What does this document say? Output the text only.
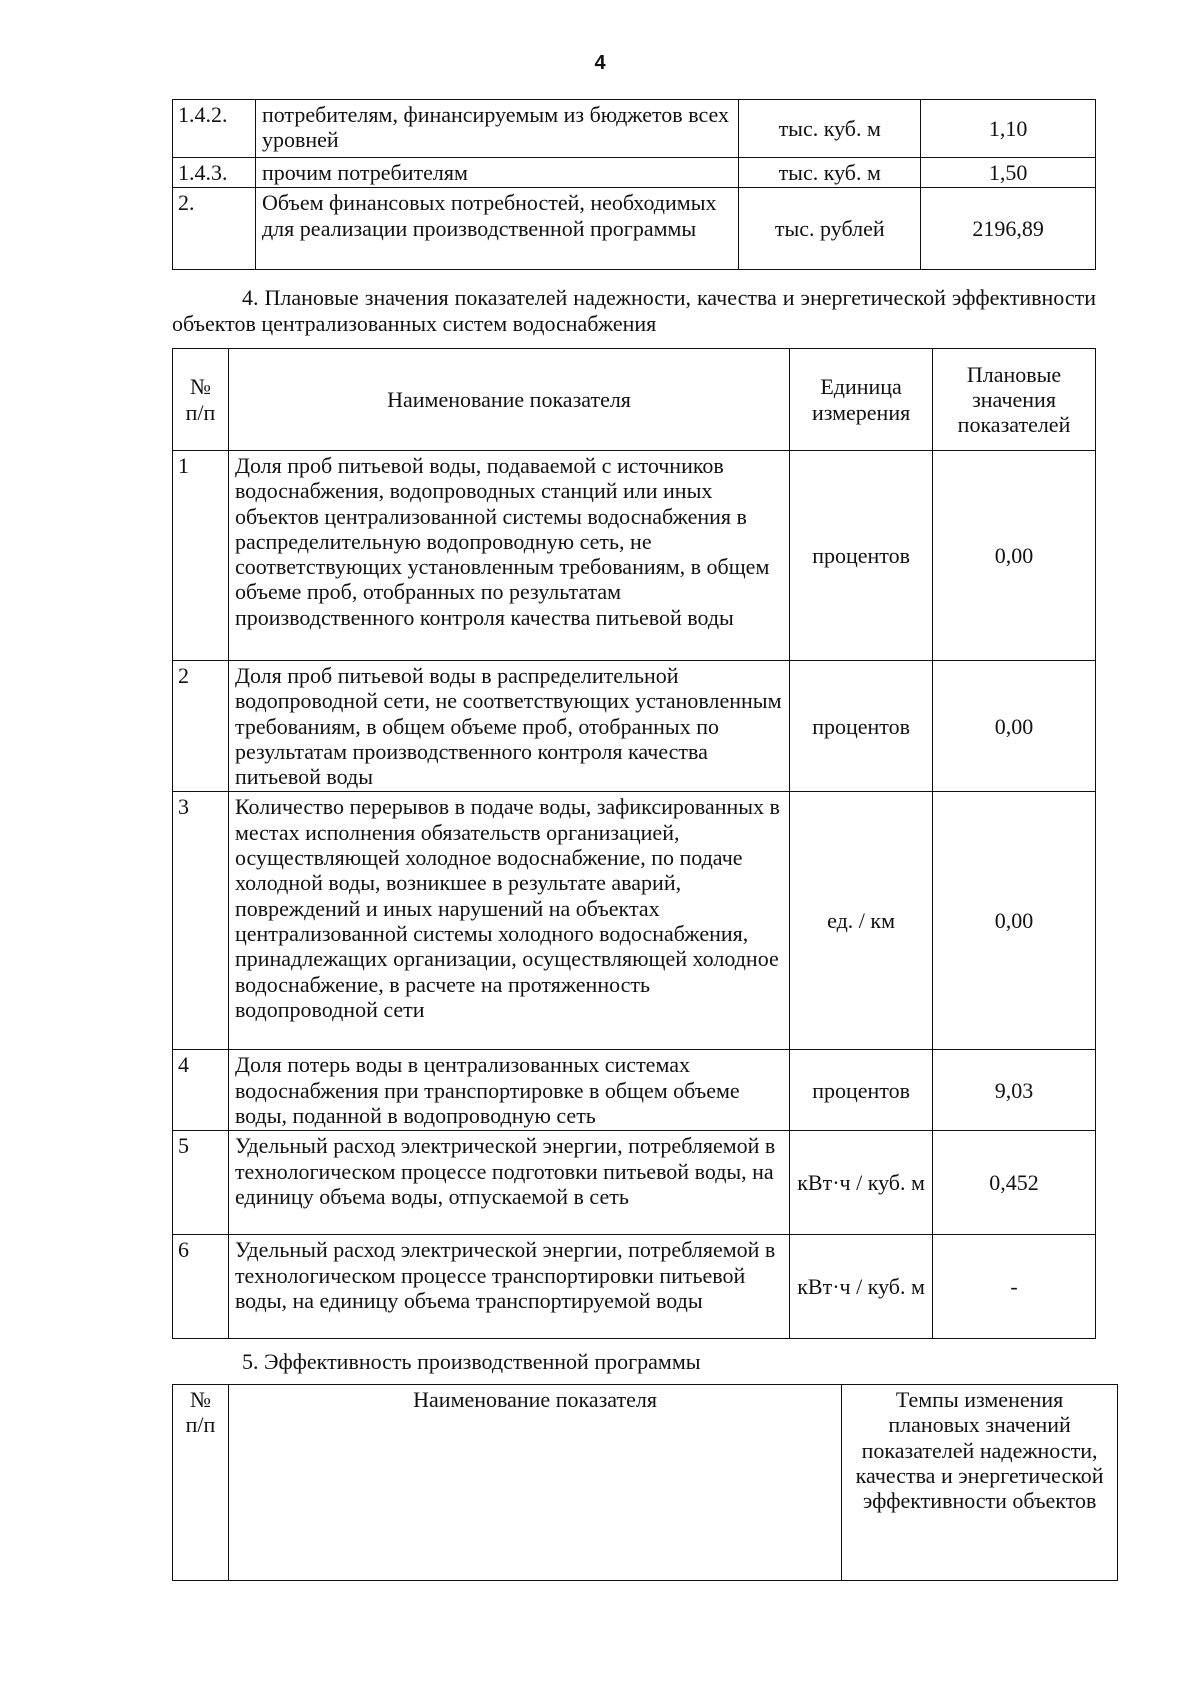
4
1.4.2.	потребителям, финансируемым из бюджетов всех уровней	тыс. куб. м	1,10
1.4.3.	прочим потребителям	тыс. куб. м	1,50
2.	Объем финансовых потребностей, необходимых для реализации производственной программы	тыс. рублей	2196,89
4. Плановые значения показателей надежности, качества и энергетической эффективности объектов централизованных систем водоснабжения
№ п/п	Наименование показателя	Единица измерения	Плановые значения показателей
1	Доля проб питьевой воды, подаваемой с источников водоснабжения, водопроводных станций или иных объектов централизованной системы водоснабжения в распределительную водопроводную сеть, не соответствующих установленным требованиям, в общем объеме проб, отобранных по результатам производственного контроля качества питьевой воды	процентов	0,00
2	Доля проб питьевой воды в распределительной водопроводной сети, не соответствующих установленным требованиям, в общем объеме проб, отобранных по результатам производственного контроля качества питьевой воды	процентов	0,00
3	Количество перерывов в подаче воды, зафиксированных в местах исполнения обязательств организацией, осуществляющей холодное водоснабжение, по подаче холодной воды, возникшее в результате аварий, повреждений и иных нарушений на объектах централизованной системы холодного водоснабжения, принадлежащих организации, осуществляющей холодное водоснабжение, в расчете на протяженность водопроводной сети	ед. / км	0,00
4	Доля потерь воды в централизованных системах водоснабжения при транспортировке в общем объеме воды, поданной в водопроводную сеть	процентов	9,03
5	Удельный расход электрической энергии, потребляемой в технологическом процессе подготовки питьевой воды, на единицу объема воды, отпускаемой в сеть	кВт·ч / куб. м	0,452
6	Удельный расход электрической энергии, потребляемой в технологическом процессе транспортировки питьевой воды, на единицу объема транспортируемой воды	кВт·ч / куб. м	-
5. Эффективность производственной программы
№ п/п	Наименование показателя	Темпы изменения плановых значений показателей надежности, качества и энергетической эффективности объектов
